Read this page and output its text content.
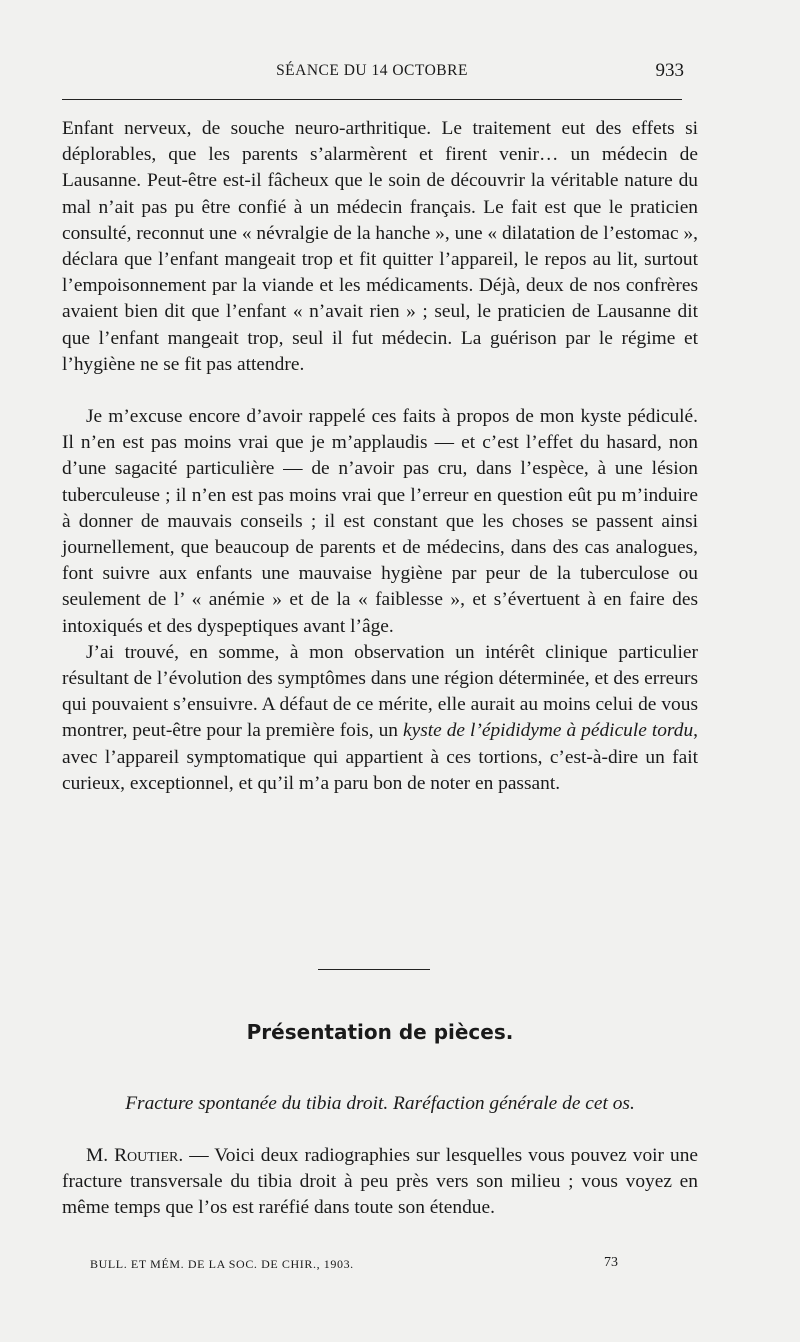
SÉANCE DU 14 OCTOBRE	933

Enfant nerveux, de souche neuro-arthritique. Le traitement eut des effets si déplorables, que les parents s’alarmèrent et firent venir… un médecin de Lausanne. Peut-être est-il fâcheux que le soin de découvrir la véritable nature du mal n’ait pas pu être confié à un médecin français. Le fait est que le praticien consulté, reconnut une « névralgie de la hanche », une « dilatation de l’estomac », déclara que l’enfant mangeait trop et fit quitter l’appareil, le repos au lit, surtout l’empoisonnement par la viande et les médicaments. Déjà, deux de nos confrères avaient bien dit que l’enfant « n’avait rien » ; seul, le praticien de Lausanne dit que l’enfant mangeait trop, seul il fut médecin. La guérison par le régime et l’hygiène ne se fit pas attendre.

Je m’excuse encore d’avoir rappelé ces faits à propos de mon kyste pédiculé. Il n’en est pas moins vrai que je m’applaudis — et c’est l’effet du hasard, non d’une sagacité particulière — de n’avoir pas cru, dans l’espèce, à une lésion tuberculeuse ; il n’en est pas moins vrai que l’erreur en question eût pu m’induire à donner de mauvais conseils ; il est constant que les choses se passent ainsi journellement, que beaucoup de parents et de médecins, dans des cas analogues, font suivre aux enfants une mauvaise hygiène par peur de la tuberculose ou seulement de l’ « anémie » et de la « faiblesse », et s’évertuent à en faire des intoxiqués et des dyspeptiques avant l’âge.

J’ai trouvé, en somme, à mon observation un intérêt clinique particulier résultant de l’évolution des symptômes dans une région déterminée, et des erreurs qui pouvaient s’ensuivre. A défaut de ce mérite, elle aurait au moins celui de vous montrer, peut-être pour la première fois, un kyste de l’épididyme à pédicule tordu, avec l’appareil symptomatique qui appartient à ces tortions, c’est-à-dire un fait curieux, exceptionnel, et qu’il m’a paru bon de noter en passant.

Présentation de pièces.
Fracture spontanée du tibia droit. Raréfaction générale de cet os.

M. Routier. — Voici deux radiographies sur lesquelles vous pouvez voir une fracture transversale du tibia droit à peu près vers son milieu ; vous voyez en même temps que l’os est raréfié dans toute son étendue.

BULL. ET MÉM. DE LA SOC. DE CHIR., 1903.	73
